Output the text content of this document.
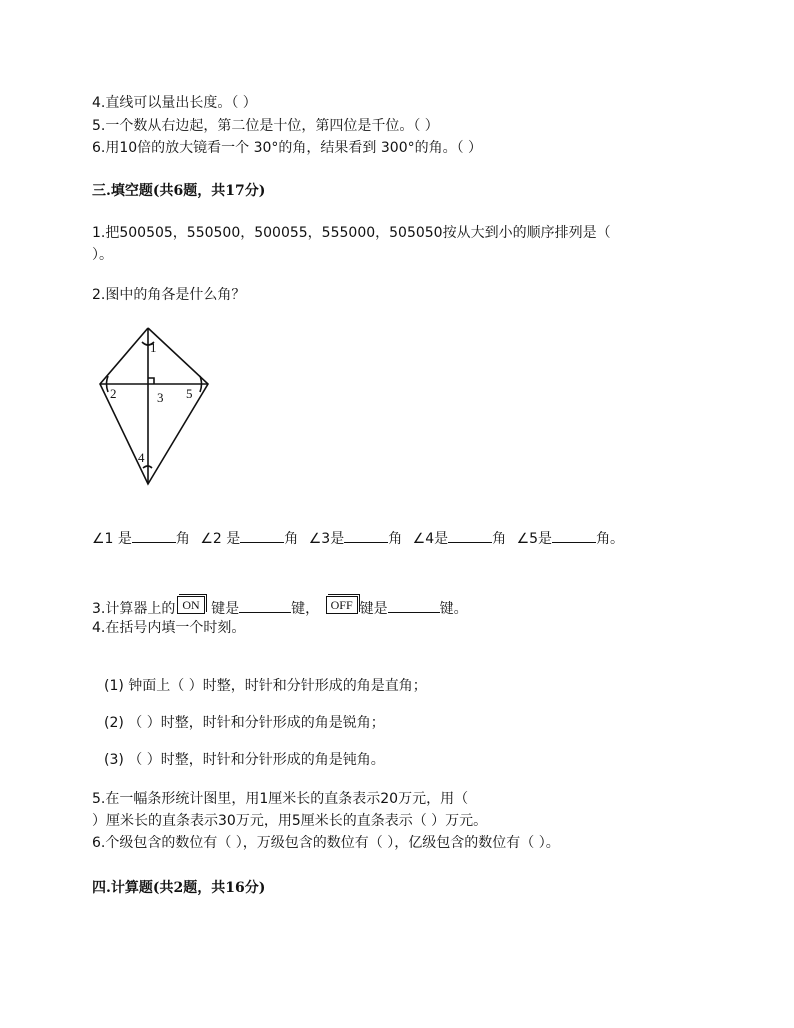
4.直线可以量出长度。（ ）
5.一个数从右边起，第二位是十位，第四位是千位。（ ）
6.用10倍的放大镜看一个 30°的角，结果看到 300°的角。（ ）
三.填空题(共6题，共17分)
1.把500505，550500，500055，555000，505050按从大到小的顺序排列是（
）。
2.图中的角各是什么角？
1
2	3
4
5
∠1 是	角 ∠2 是	角 ∠3是	角 ∠4是	角 ∠5是	角。
3.计算器上的 ON 键是	键， OFF 键是	键。
4.在括号内填一个时刻。
(1) 钟面上（ ）时整，时针和分针形成的角是直角；
(2) （ ）时整，时针和分针形成的角是锐角；
(3) （ ）时整，时针和分针形成的角是钝角。
5.在一幅条形统计图里，用1厘米长的直条表示20万元，用（
）厘米长的直条表示30万元，用5厘米长的直条表示（ ）万元。
6.个级包含的数位有（ ），万级包含的数位有（ ），亿级包含的数位有（ ）。
四.计算题(共2题，共16分)
